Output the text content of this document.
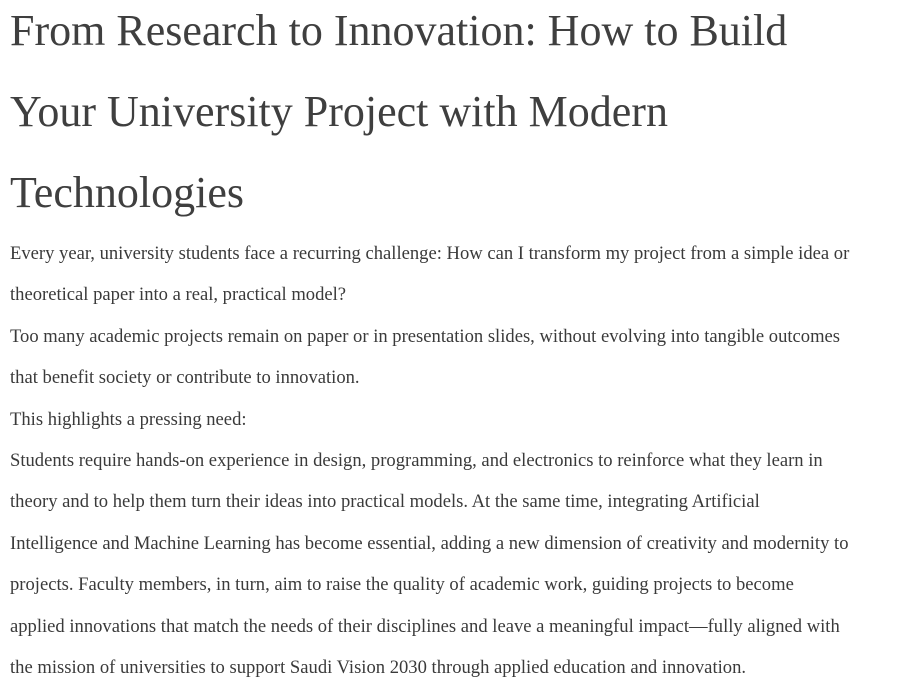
From Research to Innovation: How to Build
Your University Project with Modern
Technologies

Every year, university students face a recurring challenge: How can I transform my project from a simple idea or
theoretical paper into a real, practical model?

Too many academic projects remain on paper or in presentation slides, without evolving into tangible outcomes
that benefit society or contribute to innovation.

This highlights a pressing need:

Students require hands-on experience in design, programming, and electronics to reinforce what they learn in
theory and to help them turn their ideas into practical models. At the same time, integrating Artificial
Intelligence and Machine Learning has become essential, adding a new dimension of creativity and modernity to
projects. Faculty members, in turn, aim to raise the quality of academic work, guiding projects to become
applied innovations that match the needs of their disciplines and leave a meaningful impact—fully aligned with
the mission of universities to support Saudi Vision 2030 through applied education and innovation.
